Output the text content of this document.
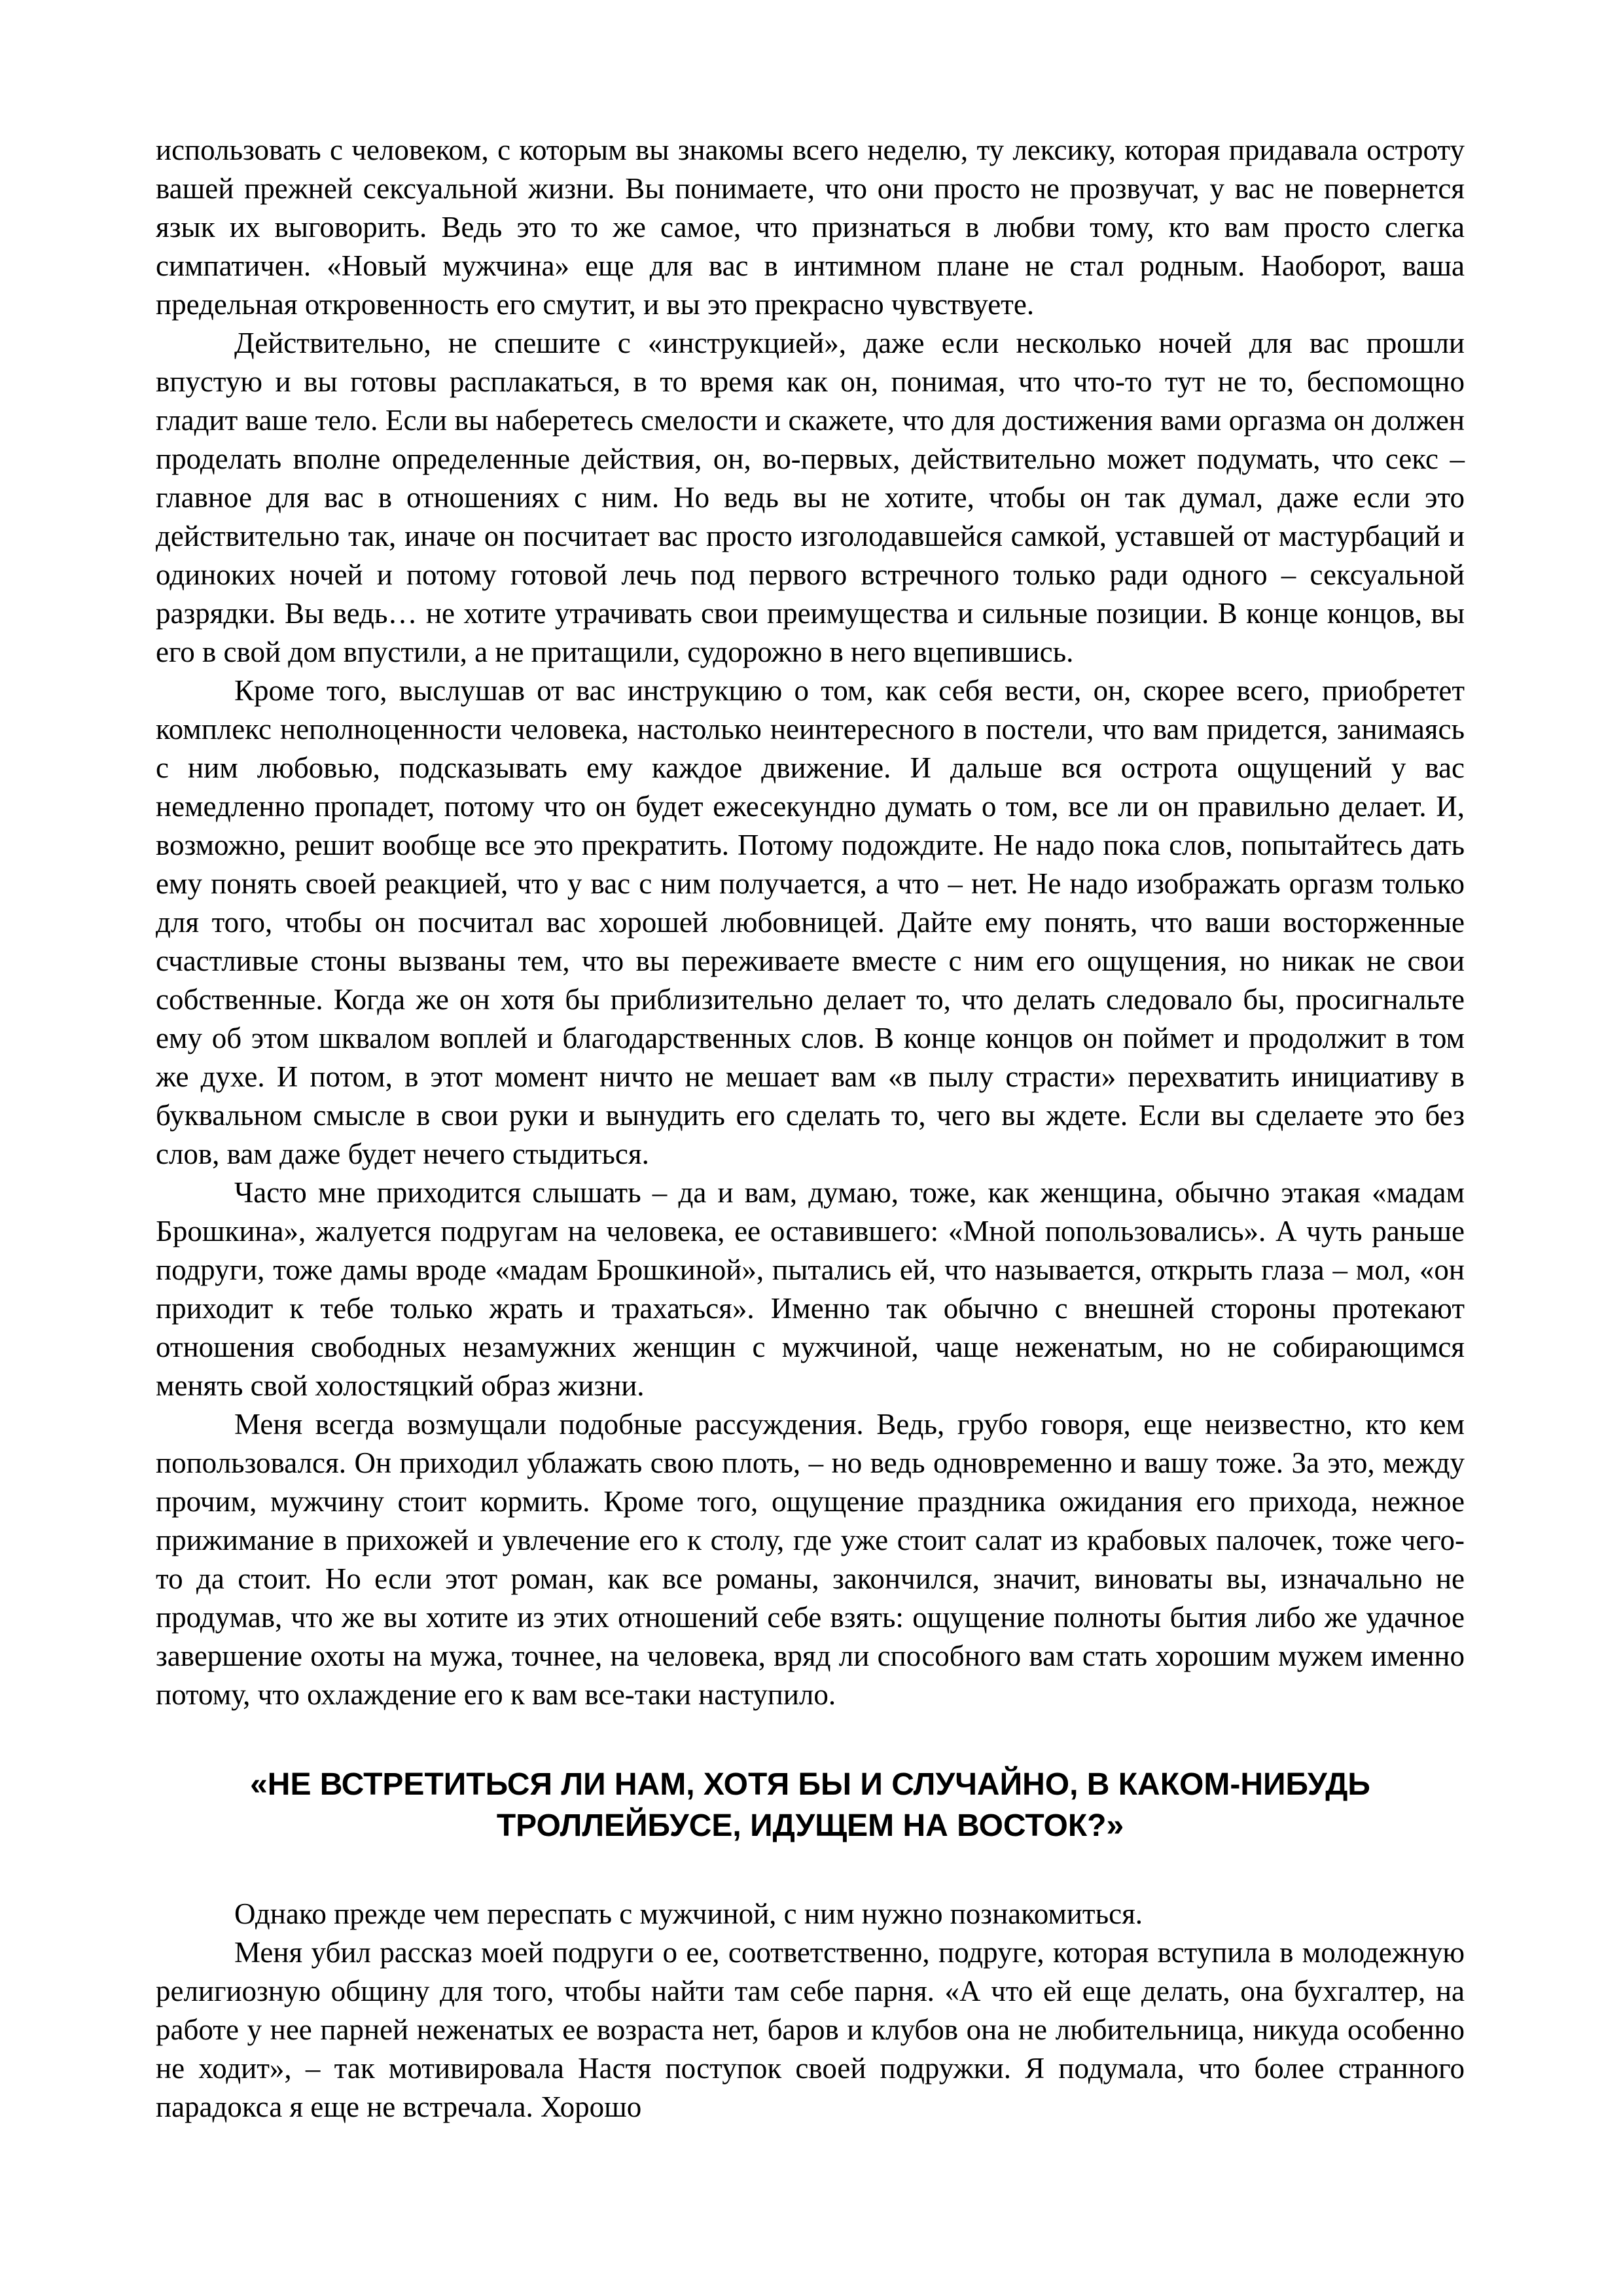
использовать с человеком, с которым вы знакомы всего неделю, ту лексику, которая придавала остроту вашей прежней сексуальной жизни. Вы понимаете, что они просто не прозвучат, у вас не повернется язык их выговорить. Ведь это то же самое, что признаться в любви тому, кто вам просто слегка симпатичен. «Новый мужчина» еще для вас в интимном плане не стал родным. Наоборот, ваша предельная откровенность его смутит, и вы это прекрасно чувствуете.

Действительно, не спешите с «инструкцией», даже если несколько ночей для вас прошли впустую и вы готовы расплакаться, в то время как он, понимая, что что-то тут не то, беспомощно гладит ваше тело. Если вы наберетесь смелости и скажете, что для достижения вами оргазма он должен проделать вполне определенные действия, он, во-первых, действительно может подумать, что секс – главное для вас в отношениях с ним. Но ведь вы не хотите, чтобы он так думал, даже если это действительно так, иначе он посчитает вас просто изголодавшейся самкой, уставшей от мастурбаций и одиноких ночей и потому готовой лечь под первого встречного только ради одного – сексуальной разрядки. Вы ведь… не хотите утрачивать свои преимущества и сильные позиции. В конце концов, вы его в свой дом впустили, а не притащили, судорожно в него вцепившись.

Кроме того, выслушав от вас инструкцию о том, как себя вести, он, скорее всего, приобретет комплекс неполноценности человека, настолько неинтересного в постели, что вам придется, занимаясь с ним любовью, подсказывать ему каждое движение. И дальше вся острота ощущений у вас немедленно пропадет, потому что он будет ежесекундно думать о том, все ли он правильно делает. И, возможно, решит вообще все это прекратить. Потому подождите. Не надо пока слов, попытайтесь дать ему понять своей реакцией, что у вас с ним получается, а что – нет. Не надо изображать оргазм только для того, чтобы он посчитал вас хорошей любовницей. Дайте ему понять, что ваши восторженные счастливые стоны вызваны тем, что вы переживаете вместе с ним его ощущения, но никак не свои собственные. Когда же он хотя бы приблизительно делает то, что делать следовало бы, просигнальте ему об этом шквалом воплей и благодарственных слов. В конце концов он поймет и продолжит в том же духе. И потом, в этот момент ничто не мешает вам «в пылу страсти» перехватить инициативу в буквальном смысле в свои руки и вынудить его сделать то, чего вы ждете. Если вы сделаете это без слов, вам даже будет нечего стыдиться.

Часто мне приходится слышать – да и вам, думаю, тоже, как женщина, обычно этакая «мадам Брошкина», жалуется подругам на человека, ее оставившего: «Мной попользовались». А чуть раньше подруги, тоже дамы вроде «мадам Брошкиной», пытались ей, что называется, открыть глаза – мол, «он приходит к тебе только жрать и трахаться». Именно так обычно с внешней стороны протекают отношения свободных незамужних женщин с мужчиной, чаще неженатым, но не собирающимся менять свой холостяцкий образ жизни.

Меня всегда возмущали подобные рассуждения. Ведь, грубо говоря, еще неизвестно, кто кем попользовался. Он приходил ублажать свою плоть, – но ведь одновременно и вашу тоже. За это, между прочим, мужчину стоит кормить. Кроме того, ощущение праздника ожидания его прихода, нежное прижимание в прихожей и увлечение его к столу, где уже стоит салат из крабовых палочек, тоже чего-то да стоит. Но если этот роман, как все романы, закончился, значит, виноваты вы, изначально не продумав, что же вы хотите из этих отношений себе взять: ощущение полноты бытия либо же удачное завершение охоты на мужа, точнее, на человека, вряд ли способного вам стать хорошим мужем именно потому, что охлаждение его к вам все-таки наступило.

«НЕ ВСТРЕТИТЬСЯ ЛИ НАМ, ХОТЯ БЫ И СЛУЧАЙНО, В КАКОМ-НИБУДЬ
ТРОЛЛЕЙБУСЕ, ИДУЩЕМ НА ВОСТОК?»

Однако прежде чем переспать с мужчиной, с ним нужно познакомиться.

Меня убил рассказ моей подруги о ее, соответственно, подруге, которая вступила в молодежную религиозную общину для того, чтобы найти там себе парня. «А что ей еще делать, она бухгалтер, на работе у нее парней неженатых ее возраста нет, баров и клубов она не любительница, никуда особенно не ходит», – так мотивировала Настя поступок своей подружки. Я подумала, что более странного парадокса я еще не встречала. Хорошо
